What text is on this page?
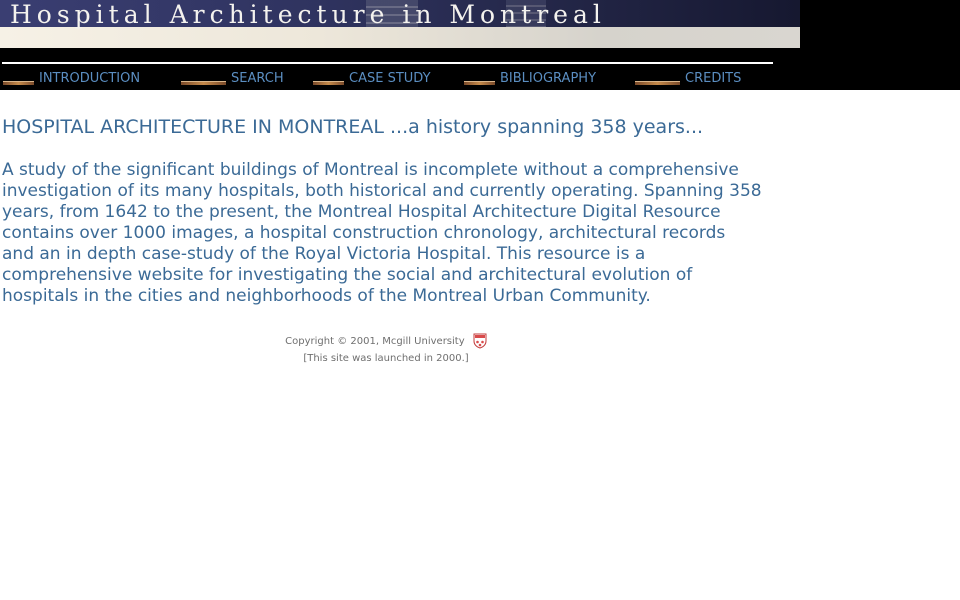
Hospital Architecture in Montreal
INTRODUCTION	SEARCH	CASE STUDY	BIBLIOGRAPHY	CREDITS
HOSPITAL ARCHITECTURE IN MONTREAL ...a history spanning 358 years...

A study of the significant buildings of Montreal is incomplete without a comprehensive investigation of its many hospitals, both historical and currently operating. Spanning 358 years, from 1642 to the present, the Montreal Hospital Architecture Digital Resource contains over 1000 images, a hospital construction chronology, architectural records and an in depth case-study of the Royal Victoria Hospital. This resource is a comprehensive website for investigating the social and architectural evolution of hospitals in the cities and neighborhoods of the Montreal Urban Community.

Copyright © 2001, Mcgill University
[This site was launched in 2000.]
